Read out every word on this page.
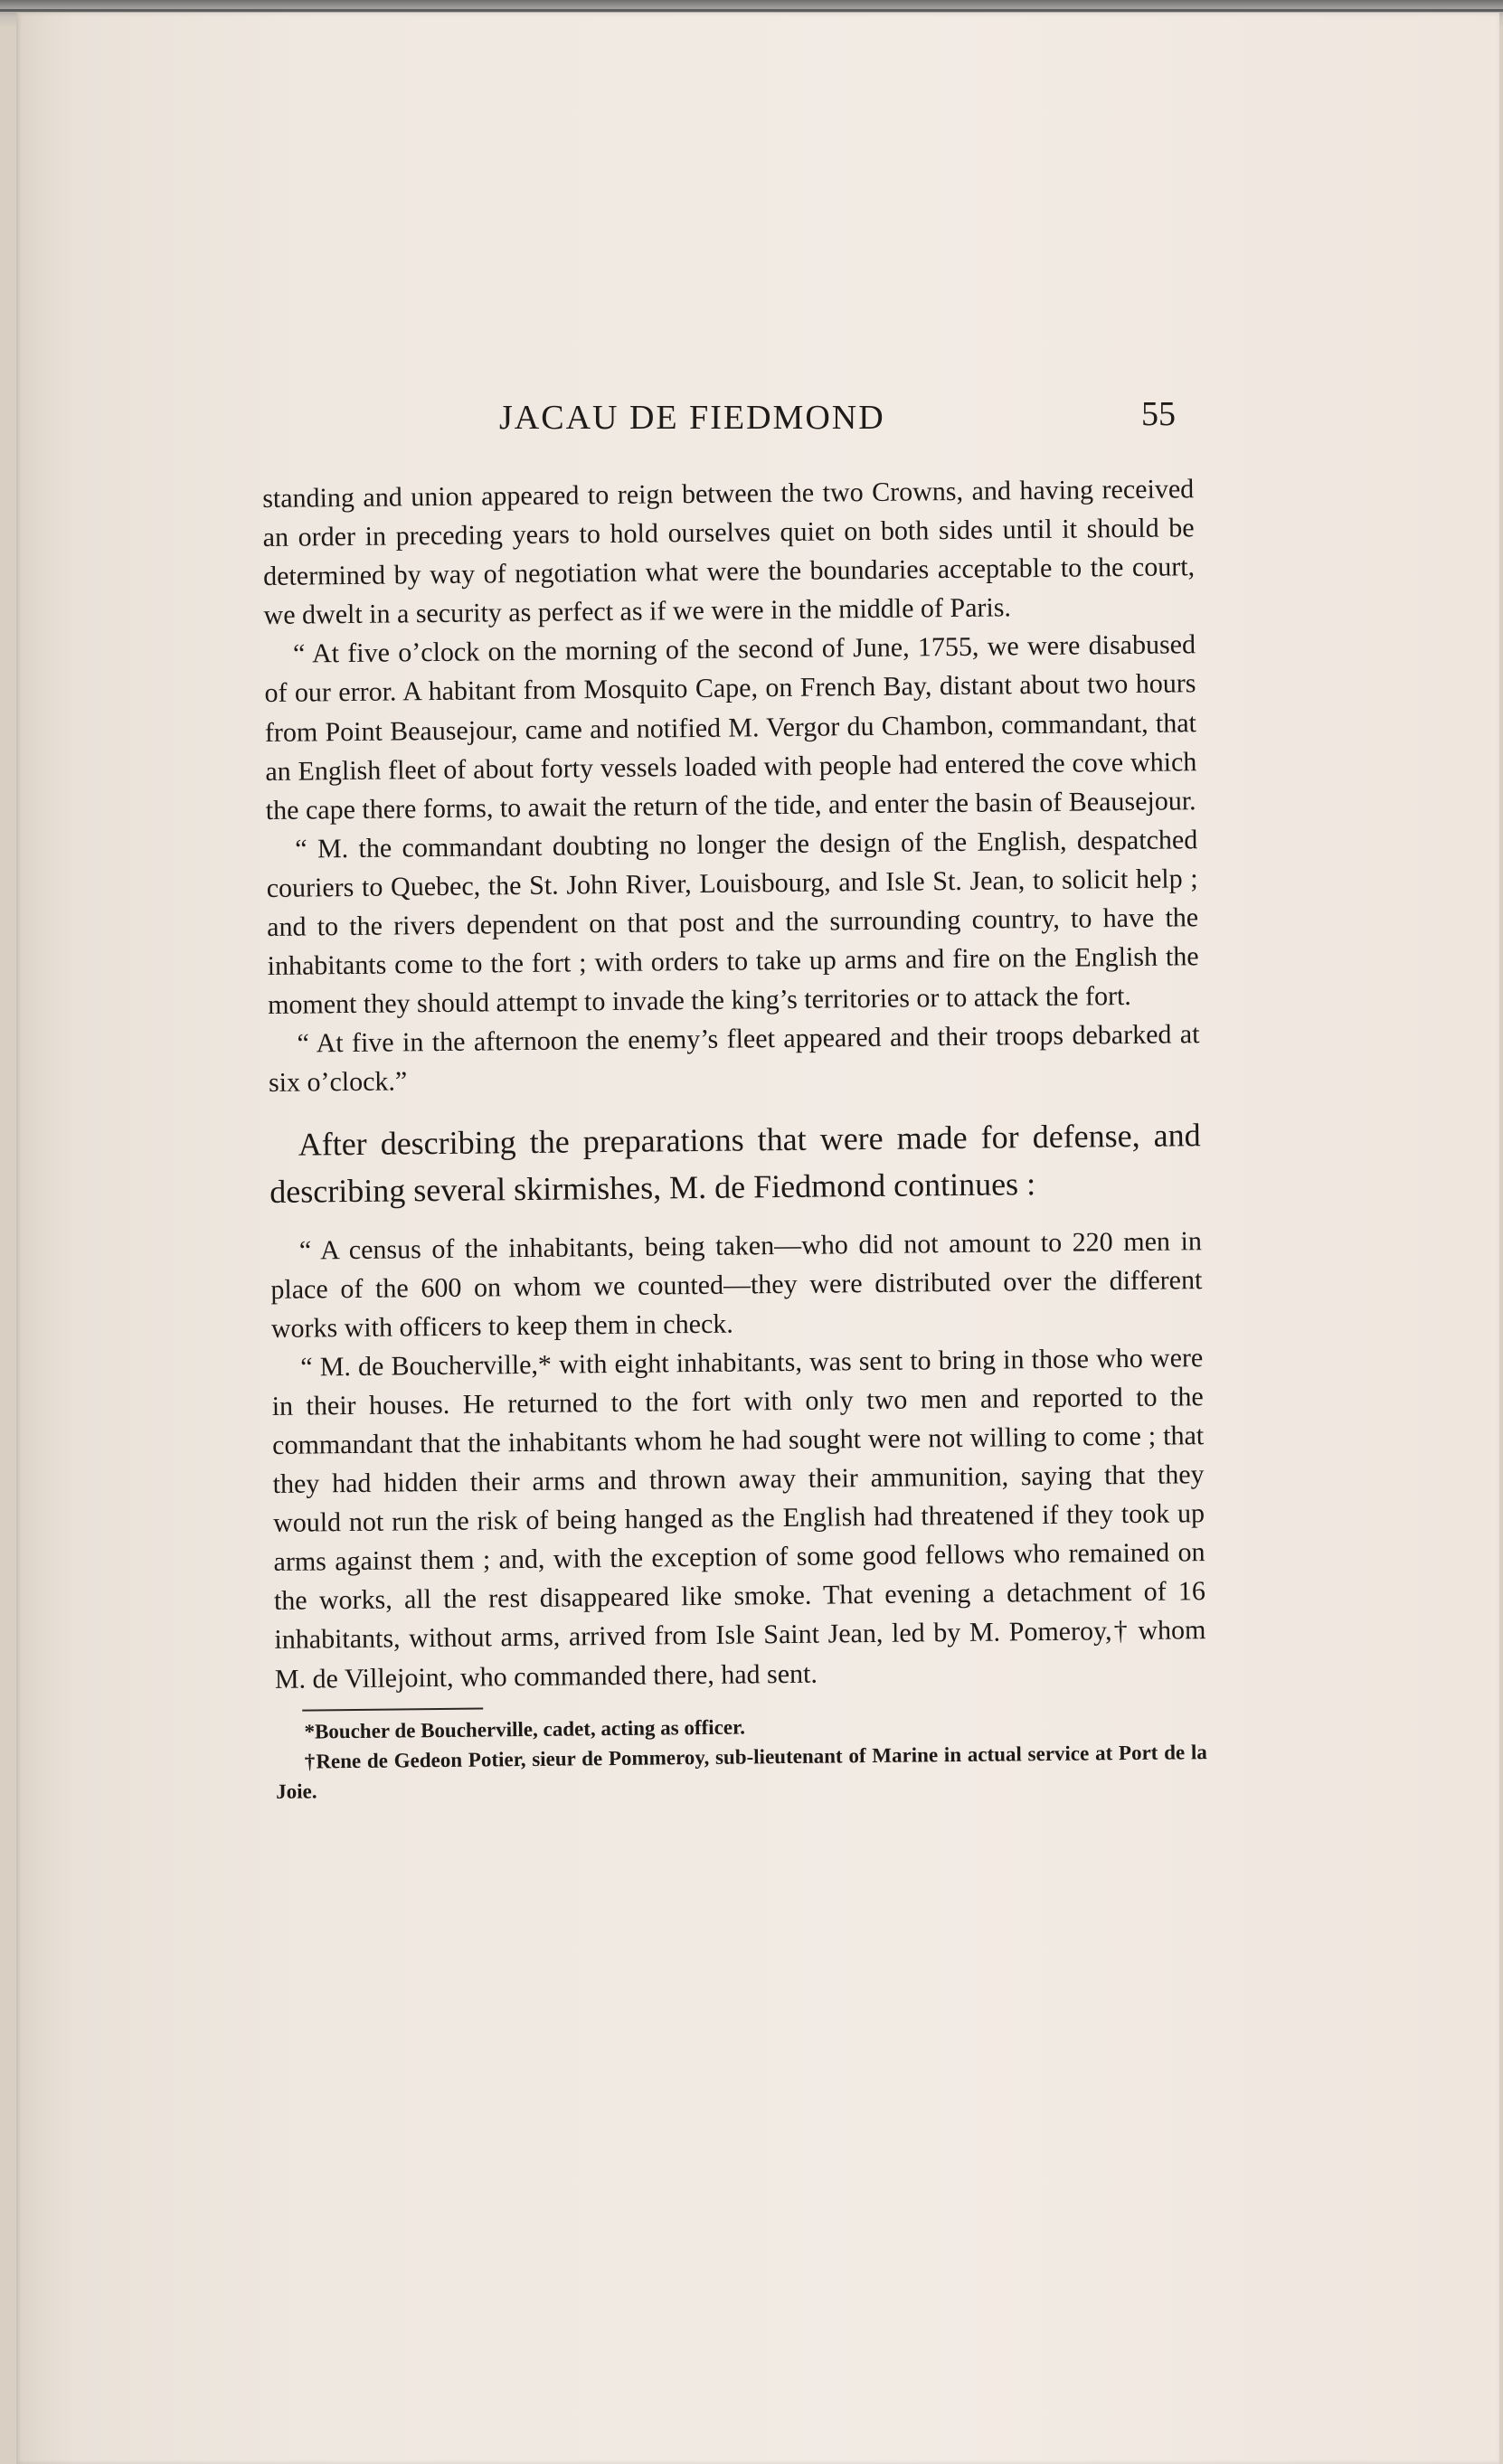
JACAU DE FIEDMOND	55

standing and union appeared to reign between the two Crowns, and having received an order in preceding years to hold ourselves quiet on both sides until it should be determined by way of negotiation what were the boundaries acceptable to the court, we dwelt in a security as perfect as if we were in the middle of Paris.

“ At five o’clock on the morning of the second of June, 1755, we were disabused of our error. A habitant from Mosquito Cape, on French Bay, distant about two hours from Point Beausejour, came and notified M. Vergor du Chambon, commandant, that an English fleet of about forty vessels loaded with people had entered the cove which the cape there forms, to await the return of the tide, and enter the basin of Beausejour.

“ M. the commandant doubting no longer the design of the English, despatched couriers to Quebec, the St. John River, Louisbourg, and Isle St. Jean, to solicit help ; and to the rivers dependent on that post and the surrounding country, to have the inhabitants come to the fort ; with orders to take up arms and fire on the English the moment they should attempt to invade the king’s territories or to attack the fort.

“ At five in the afternoon the enemy’s fleet appeared and their troops debarked at six o’clock.”

After describing the preparations that were made for defense, and describing several skirmishes, M. de Fiedmond continues :

“ A census of the inhabitants, being taken—who did not amount to 220 men in place of the 600 on whom we counted—they were distributed over the different works with officers to keep them in check.

“ M. de Boucherville,* with eight inhabitants, was sent to bring in those who were in their houses. He returned to the fort with only two men and reported to the commandant that the inhabitants whom he had sought were not willing to come ; that they had hidden their arms and thrown away their ammunition, saying that they would not run the risk of being hanged as the English had threatened if they took up arms against them ; and, with the exception of some good fellows who remained on the works, all the rest disappeared like smoke. That evening a detachment of 16 inhabitants, without arms, arrived from Isle Saint Jean, led by M. Pomeroy,† whom M. de Villejoint, who commanded there, had sent.

*Boucher de Boucherville, cadet, acting as officer.

†Rene de Gedeon Potier, sieur de Pommeroy, sub-lieutenant of Marine in actual service at Port de la Joie.
